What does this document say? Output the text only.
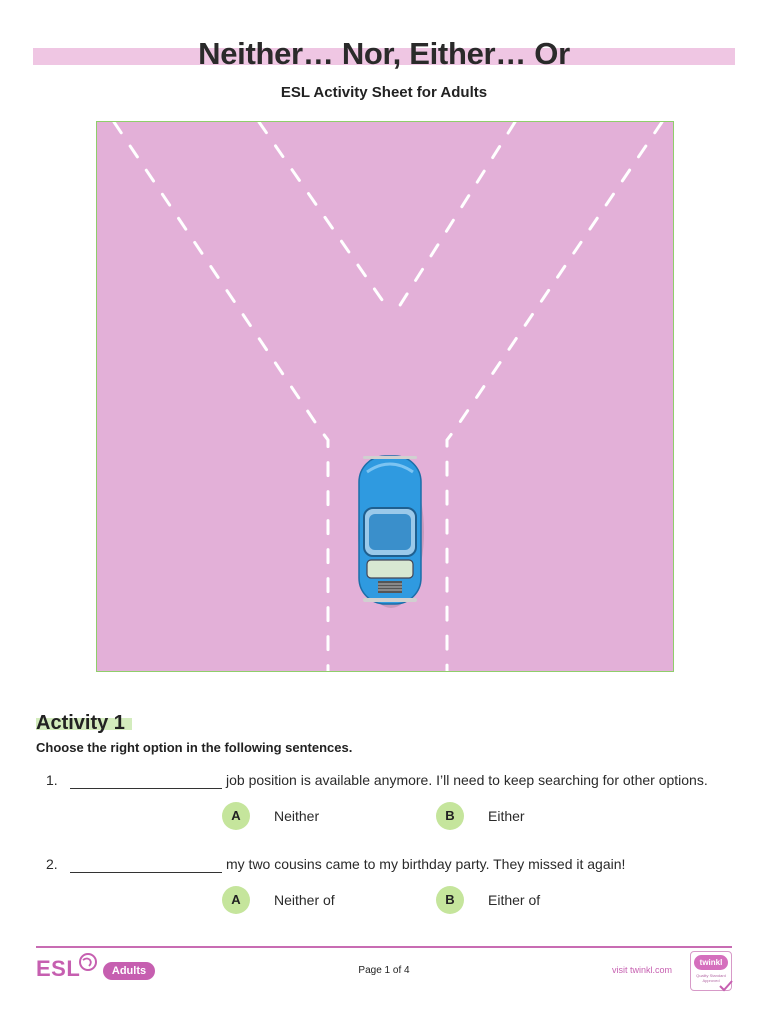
Neither… Nor, Either… Or
ESL Activity Sheet for Adults
Activity 1
Choose the right option in the following sentences.
1.	job position is available anymore. I’ll need to keep searching for other options.
A	Neither	B	Either
2.	my two cousins came to my birthday party. They missed it again!
A	Neither of	B	Either of
ESL	Adults	Page 1 of 4	visit twinkl.com
twinkl
Quality Standard Approved
